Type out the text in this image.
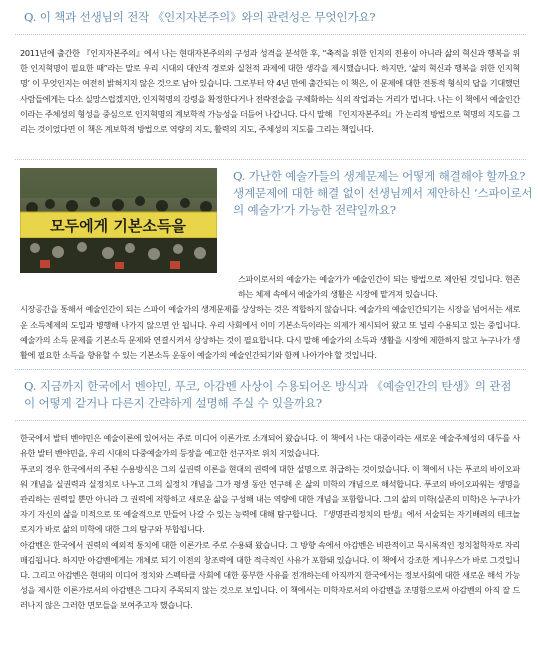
Q. 이 책과 선생님의 전작 《인지자본주의》와의 관련성은 무엇인가요?

2011년에 출간한 『인지자본주의』에서 나는 현대자본주의의 구성과 성격을 분석한 후, “축적을 위한 인지의 전용이 아니라 삶의 혁신과 행복을 위한 인지혁명이 필요한 때”라는 말로 우리 시대의 대안적 경로와 실천적 과제에 대한 생각을 제시했습니다. 하지만, ‘삶의 혁신과 행복을 위한 인지혁명’ 이 무엇인지는 여전히 밝혀지지 않은 것으로 남아 있습니다. 그로부터 약 4년 만에 출간되는 이 책은, 이 문제에 대한 전통적 형식의 답을 기대했던 사람들에게는 다소 실망스럽겠지만, 인지혁명의 강령을 확정한다거나 전략전술을 구체화하는 식의 작업과는 거리가 멉니다. 나는 이 책에서 예술인간이라는 주체성의 형성을 중심으로 인지혁명의 계보학적 가능성을 더듬어 나갑니다. 다시 말해 『인지자본주의』가 논리적 방법으로 혁명의 지도를 그리는 것이었다면 이 책은 계보학적 방법으로 역량의 지도, 활력의 지도, 주체성의 지도를 그리는 책입니다.

모두에게 기본소득을
Q. 가난한 예술가들의 생계문제는 어떻게 해결해야 할까요? 생계문제에 대한 해결 없이 선생님께서 제안하신 ‘스파이로서의 예술가’가 가능한 전략일까요?

스파이로서의 예술가는 예술가가 예술인간이 되는 방법으로 제안된 것입니다. 현존하는 체제 속에서 예술가의 생활은 시장에 맡겨져 있습니다.
시장공간을 통해서 예술인간이 되는 스파이 예술가의 생계문제를 상상하는 것은 적합하지 않습니다. 예술가의 예술인간되기는 시장을 넘어서는 새로운 소득체제의 도입과 병행해 나가지 않으면 안 됩니다. 우리 사회에서 이미 기본소득이라는 의제가 제시되어 왔고 또 널리 수용되고 있는 중입니다. 예술가의 소득 문제를 기본소득 문제와 연결시켜서 상상하는 것이 필요합니다. 다시 말해 예술가의 소득과 생활을 시장에 제한하지 않고 누구나가 생활에 필요한 소득을 향유할 수 있는 기본소득 운동이 예술가의 예술인간되기와 함께 나아가야 할 것입니다.

Q. 지금까지 한국에서 벤야민, 푸코, 아감벤 사상이 수용되어온 방식과 《예술인간의 탄생》의 관점이 어떻게 같거나 다른지 간략하게 설명해 주실 수 있을까요?

한국에서 발터 벤야민은 예술이론에 있어서는 주로 미디어 이론가로 소개되어 왔습니다. 이 책에서 나는 대중이라는 새로운 예술주체성의 대두를 사유한 발터 벤야민을, 우리 시대의 다중예술가의 등장을 예고한 선구자로 위치 지었습니다.

푸코의 경우 한국에서의 주된 수용방식은 그의 실권력 이론을 현대의 권력에 대한 설명으로 취급하는 것이었습니다. 이 책에서 나는 푸코의 바이오파워 개념을 실권력과 실정치로 나누고 그의 실정치 개념을 그가 평생 동안 연구해 온 삶의 미학의 개념으로 해석합니다. 푸코의 바이오파워는 생명을 관리하는 권력일 뿐만 아니라 그 권력에 저항하고 새로운 삶을 구성해 내는 역량에 대한 개념을 포함합니다. 그의 삶의 미학(실존의 미학)은 누구나가 자기 자신의 삶을 미적으로 또 예술적으로 만들어 나갈 수 있는 능력에 대해 탐구합니다. 『생명관리정치의 탄생』에서 서술되는 자기배려의 테크놀로지가 바로 삶의 미학에 대한 그의 탐구와 부합됩니다.

아감벤은 한국에서 권력의 예외적 통치에 대한 이론가로 주로 수용돼 왔습니다. 그 방향 속에서 아감벤은 비관적이고 묵시록적인 정치철학자로 자리매김됩니다. 하지만 아감벤에게는 개체로 되기 이전의 창조력에 대한 적극적인 사유가 포함돼 있습니다. 이 책에서 강조한 게니우스가 바로 그것입니다. 그리고 아감벤은 현대의 미디어 정치와 스펙타클 사회에 대한 풍부한 사유를 전개하는데 아직까지 한국에서는 정보사회에 대한 새로운 해석 가능성을 제시한 이론가로서의 아감벤은 그다지 주목되지 않는 것으로 보입니다. 이 책에서는 미학자로서의 아감벤을 조명함으로써 아감벤의 아직 잘 드러나지 않은 그러한 면모들을 보여주고자 했습니다.
